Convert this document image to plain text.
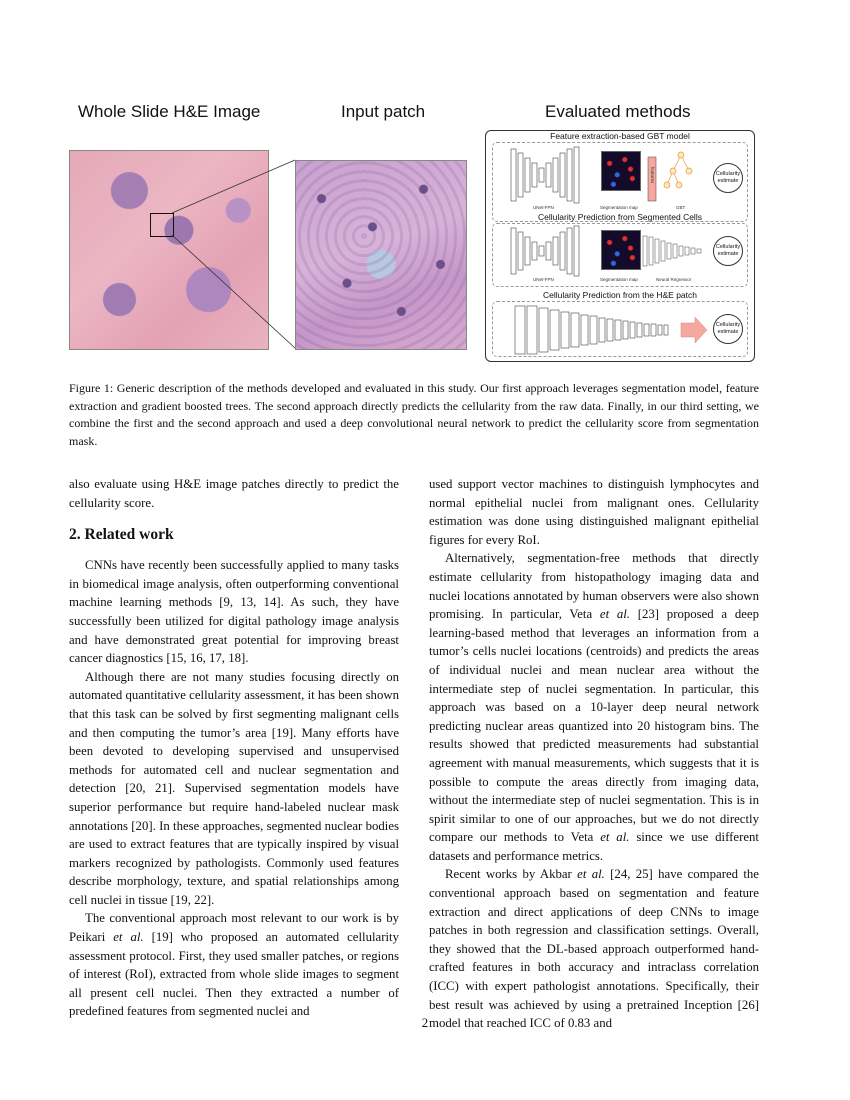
Whole Slide H&E Image	Input patch	Evaluated methods
Feature extraction-based GBT model
UNet-FPN	Segmentation map
features
GBT
Cellularity estimate
Cellularity Prediction from Segmented Cells
UNet-FPN	Segmentation map	Neural Regressor
Cellularity estimate
Cellularity Prediction from the H&E patch
Cellularity estimate
Figure 1: Generic description of the methods developed and evaluated in this study. Our first approach leverages segmentation model, feature extraction and gradient boosted trees. The second approach directly predicts the cellularity from the raw data. Finally, in our third setting, we combine the first and the second approach and used a deep convolutional neural network to predict the cellularity score from segmentation mask.

also evaluate using H&E image patches directly to predict the cellularity score.

2. Related work

CNNs have recently been successfully applied to many tasks in biomedical image analysis, often outperforming conventional machine learning methods [9, 13, 14]. As such, they have successfully been utilized for digital pathology image analysis and have demonstrated great potential for improving breast cancer diagnostics [15, 16, 17, 18].

Although there are not many studies focusing directly on automated quantitative cellularity assessment, it has been shown that this task can be solved by first segmenting malignant cells and then computing the tumor’s area [19]. Many efforts have been devoted to developing supervised and unsupervised methods for automated cell and nuclear segmentation and detection [20, 21]. Supervised segmentation models have superior performance but require hand-labeled nuclear mask annotations [20]. In these approaches, segmented nuclear bodies are used to extract features that are typically inspired by visual markers recognized by pathologists. Commonly used features describe morphology, texture, and spatial relationships among cell nuclei in tissue [19, 22].

The conventional approach most relevant to our work is by Peikari et al. [19] who proposed an automated cellularity assessment protocol. First, they used smaller patches, or regions of interest (RoI), extracted from whole slide images to segment all present cell nuclei. Then they extracted a number of predefined features from segmented nuclei and

used support vector machines to distinguish lymphocytes and normal epithelial nuclei from malignant ones. Cellularity estimation was done using distinguished malignant epithelial figures for every RoI.

Alternatively, segmentation-free methods that directly estimate cellularity from histopathology imaging data and nuclei locations annotated by human observers were also shown promising. In particular, Veta et al. [23] proposed a deep learning-based method that leverages an information from a tumor’s cells nuclei locations (centroids) and predicts the areas of individual nuclei and mean nuclear area without the intermediate step of nuclei segmentation. In particular, this approach was based on a 10-layer deep neural network predicting nuclear areas quantized into 20 histogram bins. The results showed that predicted measurements had substantial agreement with manual measurements, which suggests that it is possible to compute the areas directly from imaging data, without the intermediate step of nuclei segmentation. This is in spirit similar to one of our approaches, but we do not directly compare our methods to Veta et al. since we use different datasets and performance metrics.

Recent works by Akbar et al. [24, 25] have compared the conventional approach based on segmentation and feature extraction and direct applications of deep CNNs to image patches in both regression and classification settings. Overall, they showed that the DL-based approach outperformed hand-crafted features in both accuracy and intraclass correlation (ICC) with expert pathologist annotations. Specifically, their best result was achieved by using a pretrained Inception [26] model that reached ICC of 0.83 and

2
